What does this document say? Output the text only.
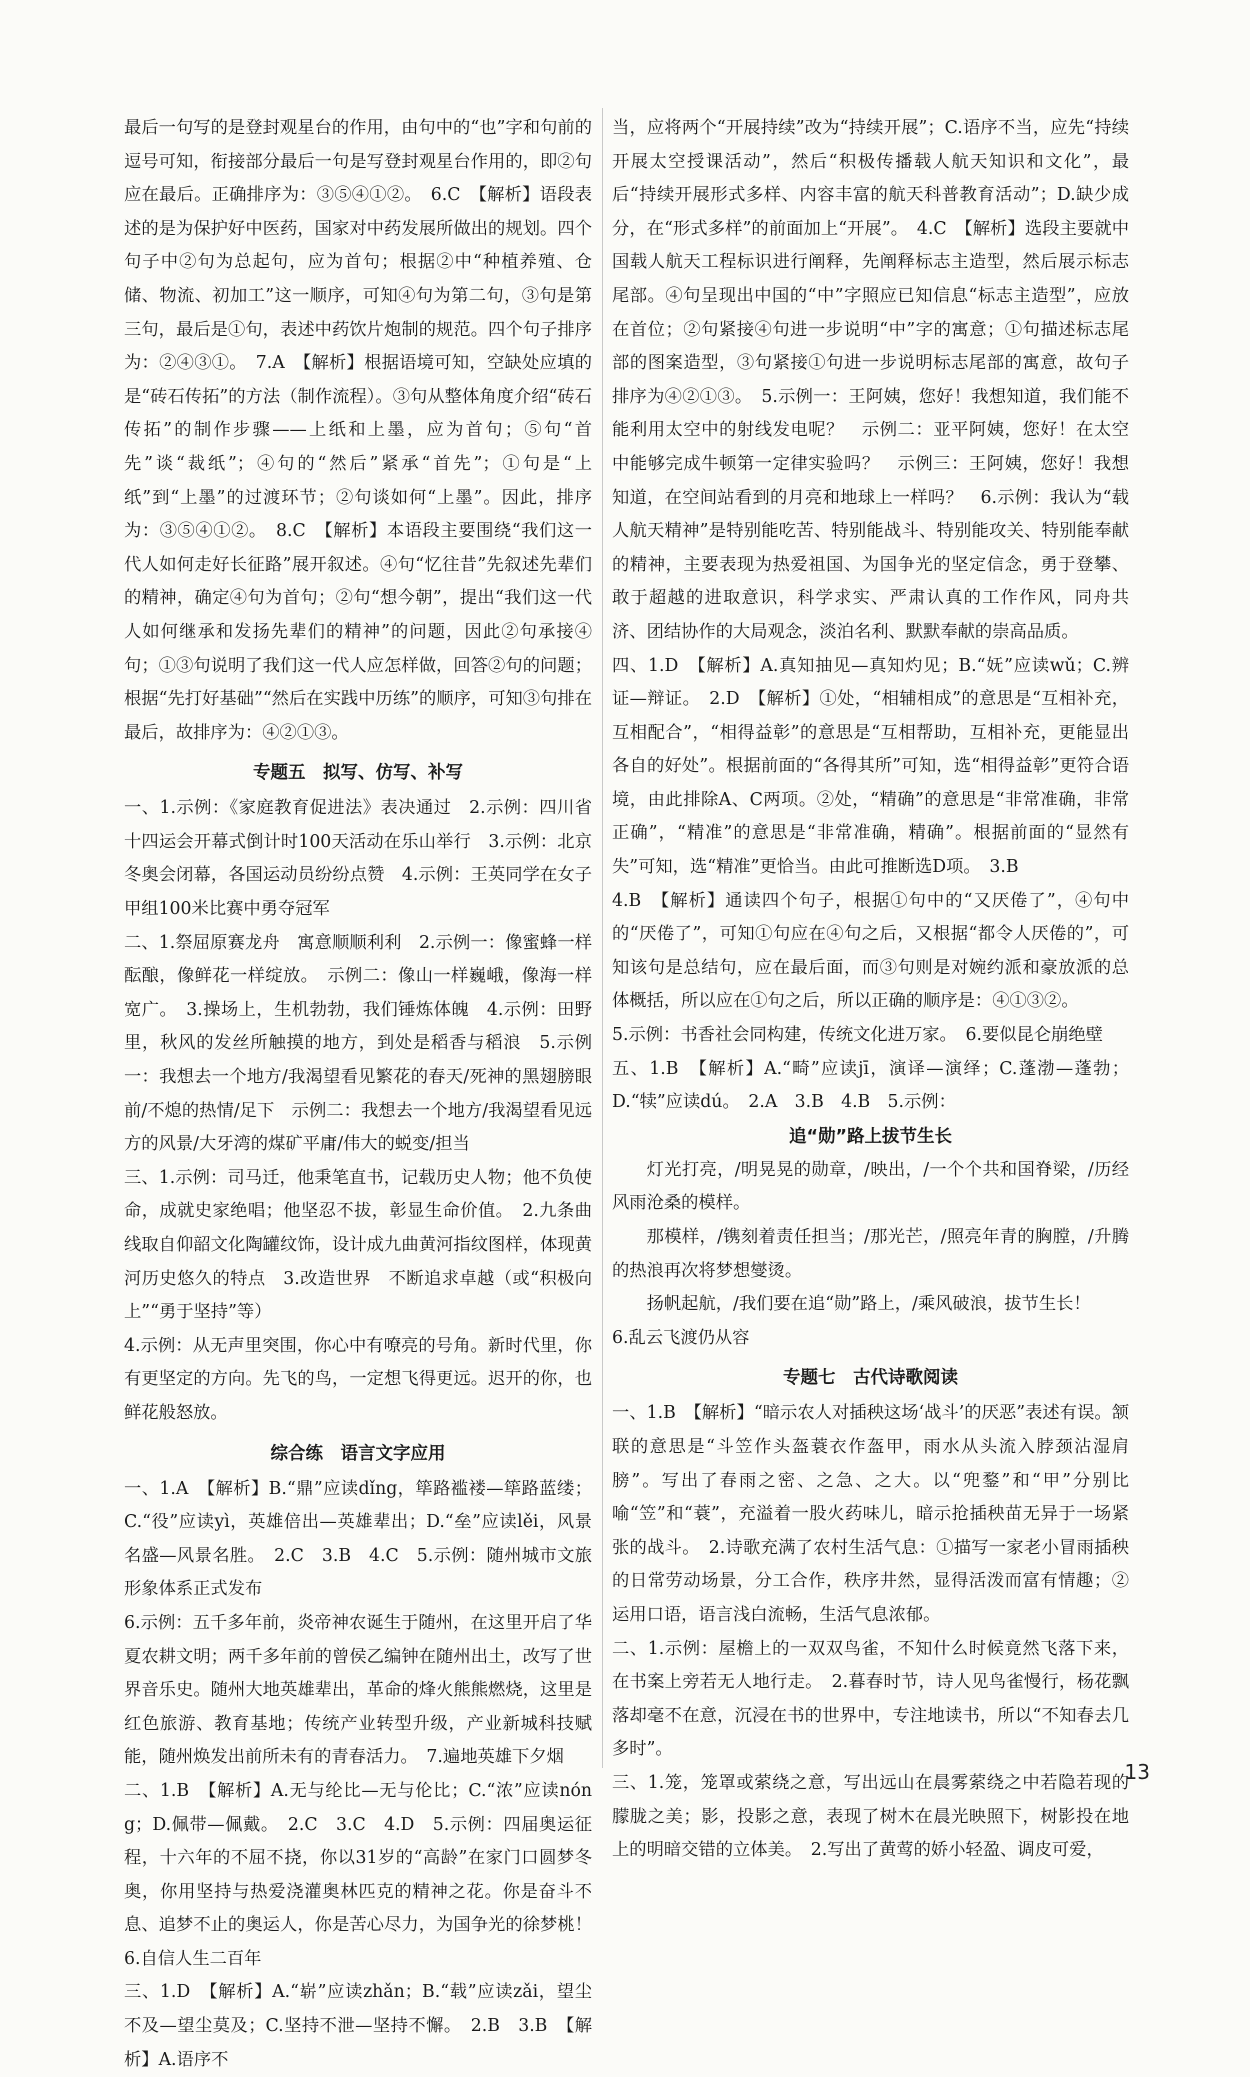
最后一句写的是登封观星台的作用，由句中的“也”字和句前的逗号可知，衔接部分最后一句是写登封观星台作用的，即②句应在最后。正确排序为：③⑤④①②。　6.C　【解析】语段表述的是为保护好中医药，国家对中药发展所做出的规划。四个句子中②句为总起句，应为首句；根据②中“种植养殖、仓储、物流、初加工”这一顺序，可知④句为第二句，③句是第三句，最后是①句，表述中药饮片炮制的规范。四个句子排序为：②④③①。　7.A　【解析】根据语境可知，空缺处应填的是“砖石传拓”的方法（制作流程）。③句从整体角度介绍“砖石传拓”的制作步骤——上纸和上墨，应为首句；⑤句“首先”谈“裁纸”；④句的“然后”紧承“首先”；①句是“上纸”到“上墨”的过渡环节；②句谈如何“上墨”。因此，排序为：③⑤④①②。　8.C　【解析】本语段主要围绕“我们这一代人如何走好长征路”展开叙述。④句“忆往昔”先叙述先辈们的精神，确定④句为首句；②句“想今朝”，提出“我们这一代人如何继承和发扬先辈们的精神”的问题，因此②句承接④句；①③句说明了我们这一代人应怎样做，回答②句的问题；根据“先打好基础”“然后在实践中历练”的顺序，可知③句排在最后，故排序为：④②①③。

专题五　拟写、仿写、补写

一、1.示例：《家庭教育促进法》表决通过　2.示例：四川省十四运会开幕式倒计时100天活动在乐山举行　3.示例：北京冬奥会闭幕，各国运动员纷纷点赞　4.示例：王英同学在女子甲组100米比赛中勇夺冠军

二、1.祭屈原赛龙舟　寓意顺顺利利　2.示例一：像蜜蜂一样酝酿，像鲜花一样绽放。　示例二：像山一样巍峨，像海一样宽广。　3.操场上，生机勃勃，我们锤炼体魄　4.示例：田野里，秋风的发丝所触摸的地方，到处是稻香与稻浪　5.示例一：我想去一个地方/我渴望看见繁花的春天/死神的黑翅膀眼前/不熄的热情/足下　示例二：我想去一个地方/我渴望看见远方的风景/大牙湾的煤矿平庸/伟大的蜕变/担当

三、1.示例：司马迁，他秉笔直书，记载历史人物；他不负使命，成就史家绝唱；他坚忍不拔，彰显生命价值。　2.九条曲线取自仰韶文化陶罐纹饰，设计成九曲黄河指纹图样，体现黄河历史悠久的特点　3.改造世界　不断追求卓越（或“积极向上”“勇于坚持”等）

4.示例：从无声里突围，你心中有嘹亮的号角。新时代里，你有更坚定的方向。先飞的鸟，一定想飞得更远。迟开的你，也鲜花般怒放。

综合练　语言文字应用

一、1.A　【解析】B.“鼎”应读dǐng，筚路褴褛—筚路蓝缕；C.“役”应读yì，英雄倍出—英雄辈出；D.“垒”应读lěi，风景名盛—风景名胜。　2.C　3.B　4.C　5.示例：随州城市文旅形象体系正式发布

6.示例：五千多年前，炎帝神农诞生于随州，在这里开启了华夏农耕文明；两千多年前的曾侯乙编钟在随州出土，改写了世界音乐史。随州大地英雄辈出，革命的烽火熊熊燃烧，这里是红色旅游、教育基地；传统产业转型升级，产业新城科技赋能，随州焕发出前所未有的青春活力。　7.遍地英雄下夕烟

二、1.B　【解析】A.无与纶比—无与伦比；C.“浓”应读nóng；D.佩带—佩戴。　2.C　3.C　4.D　5.示例：四届奥运征程，十六年的不屈不挠，你以31岁的“高龄”在家门口圆梦冬奥，你用坚持与热爱浇灌奥林匹克的精神之花。你是奋斗不息、追梦不止的奥运人，你是苦心尽力，为国争光的徐梦桃！　6.自信人生二百年

三、1.D　【解析】A.“崭”应读zhǎn；B.“载”应读zǎi，望尘不及—望尘莫及；C.坚持不泄—坚持不懈。　2.B　3.B　【解析】A.语序不

当，应将两个“开展持续”改为“持续开展”；C.语序不当，应先“持续开展太空授课活动”，然后“积极传播载人航天知识和文化”，最后“持续开展形式多样、内容丰富的航天科普教育活动”；D.缺少成分，在“形式多样”的前面加上“开展”。　4.C　【解析】选段主要就中国载人航天工程标识进行阐释，先阐释标志主造型，然后展示标志尾部。④句呈现出中国的“中”字照应已知信息“标志主造型”，应放在首位；②句紧接④句进一步说明“中”字的寓意；①句描述标志尾部的图案造型，③句紧接①句进一步说明标志尾部的寓意，故句子排序为④②①③。　5.示例一：王阿姨，您好！我想知道，我们能不能利用太空中的射线发电呢？　示例二：亚平阿姨，您好！在太空中能够完成牛顿第一定律实验吗？　示例三：王阿姨，您好！我想知道，在空间站看到的月亮和地球上一样吗？　6.示例：我认为“载人航天精神”是特别能吃苦、特别能战斗、特别能攻关、特别能奉献的精神，主要表现为热爱祖国、为国争光的坚定信念，勇于登攀、敢于超越的进取意识，科学求实、严肃认真的工作作风，同舟共济、团结协作的大局观念，淡泊名利、默默奉献的崇高品质。

四、1.D　【解析】A.真知抽见—真知灼见；B.“妩”应读wǔ；C.辨证—辩证。　2.D　【解析】①处，“相辅相成”的意思是“互相补充，互相配合”，“相得益彰”的意思是“互相帮助，互相补充，更能显出各自的好处”。根据前面的“各得其所”可知，选“相得益彰”更符合语境，由此排除A、C两项。②处，“精确”的意思是“非常准确，非常正确”，“精准”的意思是“非常准确，精确”。根据前面的“显然有失”可知，选“精准”更恰当。由此可推断选D项。　3.B

4.B　【解析】通读四个句子，根据①句中的“又厌倦了”，④句中的“厌倦了”，可知①句应在④句之后，又根据“都令人厌倦的”，可知该句是总结句，应在最后面，而③句则是对婉约派和豪放派的总体概括，所以应在①句之后，所以正确的顺序是：④①③②。

5.示例：书香社会同构建，传统文化进万家。　6.要似昆仑崩绝壁

五、1.B　【解析】A.“畸”应读jī，演译—演绎；C.蓬渤—蓬勃；D.“犊”应读dú。　2.A　3.B　4.B　5.示例：

追“勋”路上拔节生长

灯光打亮，/明晃晃的勋章，/映出，/一个个共和国脊梁，/历经风雨沧桑的模样。

那模样，/镌刻着责任担当；/那光芒，/照亮年青的胸膛，/升腾的热浪再次将梦想燮烫。

扬帆起航，/我们要在追“勋”路上，/乘风破浪，拔节生长！

6.乱云飞渡仍从容

专题七　古代诗歌阅读

一、1.B　【解析】“暗示农人对插秧这场‘战斗’的厌恶”表述有误。颔联的意思是“斗笠作头盔蓑衣作盔甲，雨水从头流入脖颈沾湿肩膀”。写出了春雨之密、之急、之大。以“兜鍪”和“甲”分别比喻“笠”和“蓑”，充溢着一股火药味儿，暗示抢插秧苗无异于一场紧张的战斗。　2.诗歌充满了农村生活气息：①描写一家老小冒雨插秧的日常劳动场景，分工合作，秩序井然，显得活泼而富有情趣；②运用口语，语言浅白流畅，生活气息浓郁。

二、1.示例：屋檐上的一双双鸟雀，不知什么时候竟然飞落下来，在书案上旁若无人地行走。　2.暮春时节，诗人见鸟雀慢行，杨花飘落却毫不在意，沉浸在书的世界中，专注地读书，所以“不知春去几多时”。

三、1.笼，笼罩或萦绕之意，写出远山在晨雾萦绕之中若隐若现的朦胧之美；影，投影之意，表现了树木在晨光映照下，树影投在地上的明暗交错的立体美。　2.写出了黄莺的娇小轻盈、调皮可爱，

13
